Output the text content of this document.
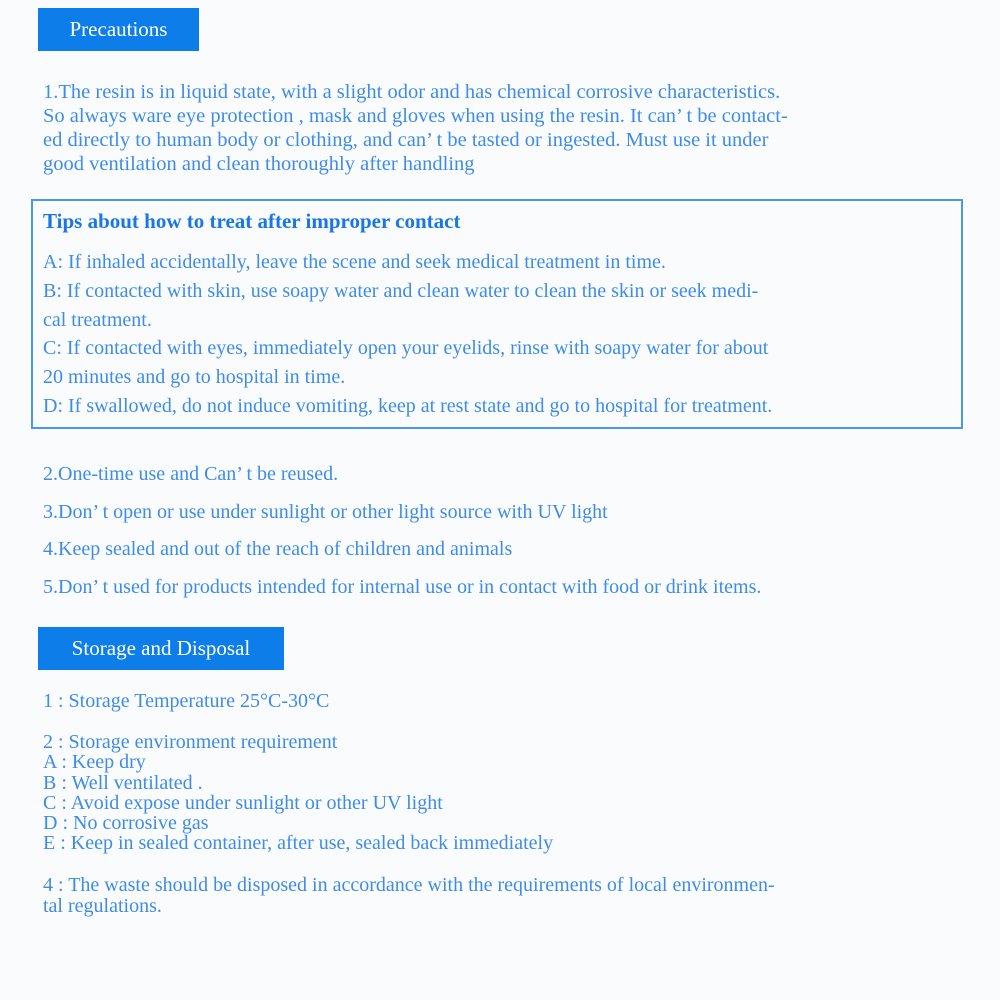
Precautions
1.The resin is in liquid state, with a slight odor and has chemical corrosive characteristics.
So always ware eye protection , mask and gloves when using the resin. It can’ t be contact-
ed directly to human body or clothing, and can’ t be tasted or ingested. Must use it under
good ventilation and clean thoroughly after handling
Tips about how to treat after improper contact
A: If inhaled accidentally, leave the scene and seek medical treatment in time.
B: If contacted with skin, use soapy water and clean water to clean the skin or seek medi-
cal treatment.
C: If contacted with eyes, immediately open your eyelids, rinse with soapy water for about
20 minutes and go to hospital in time.
D: If swallowed, do not induce vomiting, keep at rest state and go to hospital for treatment.
2.One-time use and Can’ t be reused.
3.Don’ t open or use under sunlight or other light source with UV light
4.Keep sealed and out of the reach of children and animals
5.Don’ t used for products intended for internal use or in contact with food or drink items.
Storage and Disposal
1 : Storage Temperature 25°C-30°C
2 : Storage environment requirement
A : Keep dry
B : Well ventilated .
C : Avoid expose under sunlight or other UV light
D : No corrosive gas
E : Keep in sealed container, after use, sealed back immediately
4 : The waste should be disposed in accordance with the requirements of local environmen-
tal regulations.
